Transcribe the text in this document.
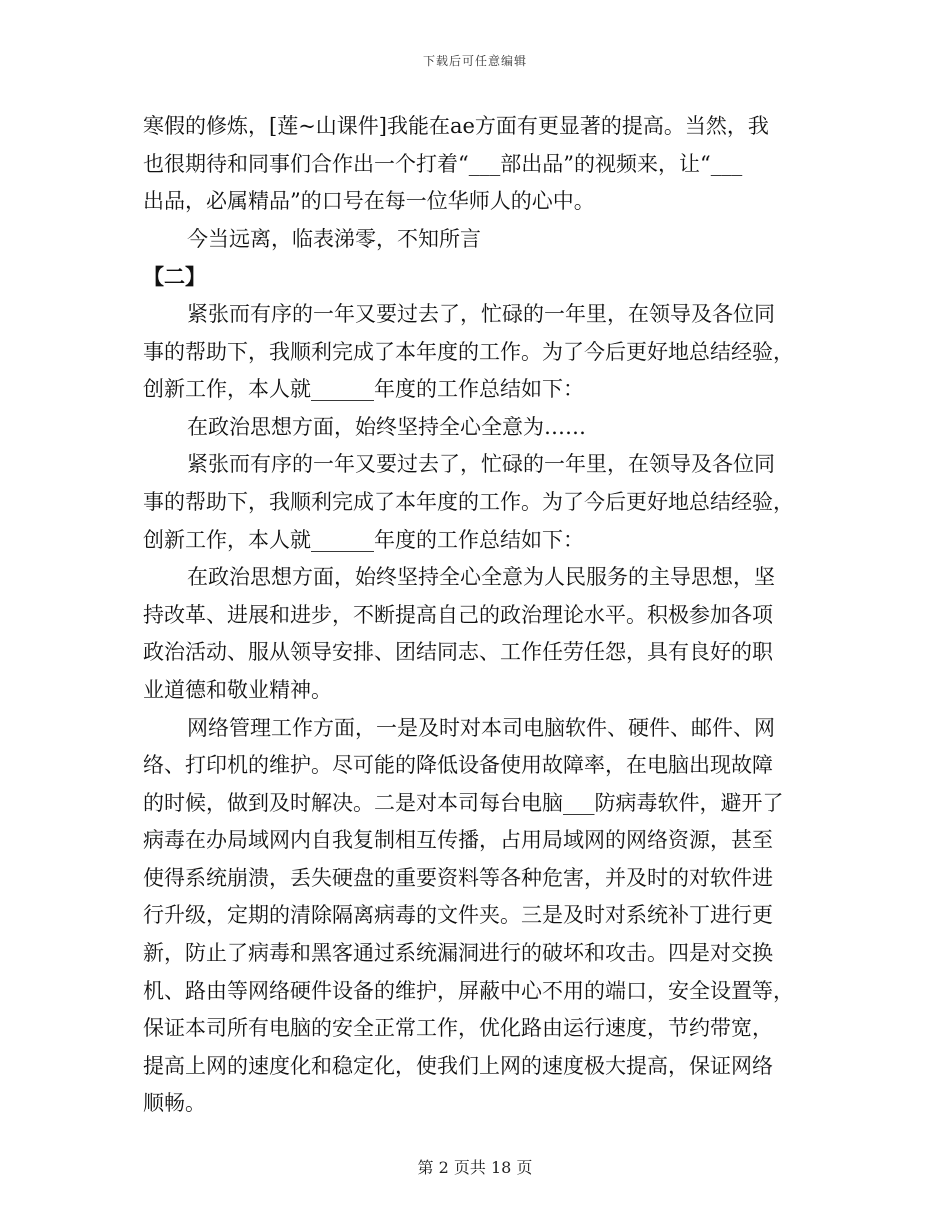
下载后可任意编辑
寒假的修炼，[莲~山课件]我能在ae方面有更显著的提高。当然，我
也很期待和同事们合作出一个打着“___部出品”的视频来，让“___
出品，必属精品”的口号在每一位华师人的心中。
今当远离，临表涕零，不知所言
【二】
紧张而有序的一年又要过去了，忙碌的一年里，在领导及各位同
事的帮助下，我顺利完成了本年度的工作。为了今后更好地总结经验，
创新工作，本人就______年度的工作总结如下：
在政治思想方面，始终坚持全心全意为……
紧张而有序的一年又要过去了，忙碌的一年里，在领导及各位同
事的帮助下，我顺利完成了本年度的工作。为了今后更好地总结经验，
创新工作，本人就______年度的工作总结如下：
在政治思想方面，始终坚持全心全意为人民服务的主导思想，坚
持改革、进展和进步，不断提高自己的政治理论水平。积极参加各项
政治活动、服从领导安排、团结同志、工作任劳任怨，具有良好的职
业道德和敬业精神。
网络管理工作方面，一是及时对本司电脑软件、硬件、邮件、网
络、打印机的维护。尽可能的降低设备使用故障率，在电脑出现故障
的时候，做到及时解决。二是对本司每台电脑___防病毒软件，避开了
病毒在办局域网内自我复制相互传播，占用局域网的网络资源，甚至
使得系统崩溃，丢失硬盘的重要资料等各种危害，并及时的对软件进
行升级，定期的清除隔离病毒的文件夹。三是及时对系统补丁进行更
新，防止了病毒和黑客通过系统漏洞进行的破坏和攻击。四是对交换
机、路由等网络硬件设备的维护，屏蔽中心不用的端口，安全设置等，
保证本司所有电脑的安全正常工作，优化路由运行速度，节约带宽，
提高上网的速度化和稳定化，使我们上网的速度极大提高，保证网络
顺畅。
第 2 页共 18 页
